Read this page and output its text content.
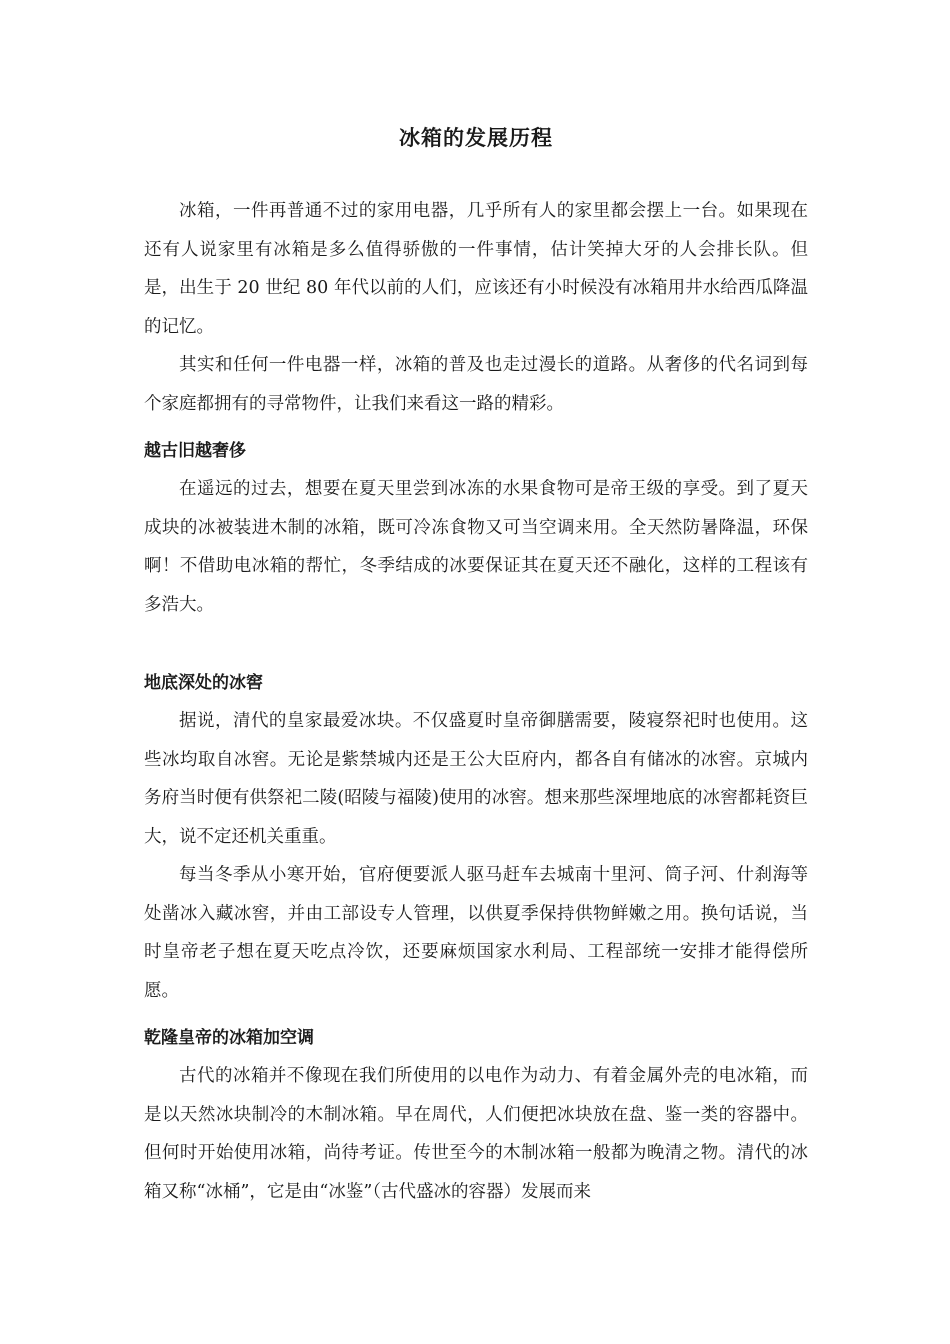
冰箱的发展历程

冰箱，一件再普通不过的家用电器，几乎所有人的家里都会摆上一台。如果现在还有人说家里有冰箱是多么值得骄傲的一件事情，估计笑掉大牙的人会排长队。但是，出生于 20 世纪 80 年代以前的人们，应该还有小时候没有冰箱用井水给西瓜降温的记忆。

其实和任何一件电器一样，冰箱的普及也走过漫长的道路。从奢侈的代名词到每个家庭都拥有的寻常物件，让我们来看这一路的精彩。

越古旧越奢侈

在遥远的过去，想要在夏天里尝到冰冻的水果食物可是帝王级的享受。到了夏天成块的冰被装进木制的冰箱，既可冷冻食物又可当空调来用。全天然防暑降温，环保啊！不借助电冰箱的帮忙，冬季结成的冰要保证其在夏天还不融化，这样的工程该有多浩大。

地底深处的冰窖

据说，清代的皇家最爱冰块。不仅盛夏时皇帝御膳需要，陵寝祭祀时也使用。这些冰均取自冰窖。无论是紫禁城内还是王公大臣府内，都各自有储冰的冰窖。京城内务府当时便有供祭祀二陵(昭陵与福陵)使用的冰窖。想来那些深埋地底的冰窖都耗资巨大，说不定还机关重重。

每当冬季从小寒开始，官府便要派人驱马赶车去城南十里河、筒子河、什刹海等处凿冰入藏冰窖，并由工部设专人管理，以供夏季保持供物鲜嫩之用。换句话说，当时皇帝老子想在夏天吃点冷饮，还要麻烦国家水利局、工程部统一安排才能得偿所愿。

乾隆皇帝的冰箱加空调

古代的冰箱并不像现在我们所使用的以电作为动力、有着金属外壳的电冰箱，而是以天然冰块制冷的木制冰箱。早在周代，人们便把冰块放在盘、鉴一类的容器中。但何时开始使用冰箱，尚待考证。传世至今的木制冰箱一般都为晚清之物。清代的冰箱又称“冰桶”，它是由“冰鉴”（古代盛冰的容器）发展而来
